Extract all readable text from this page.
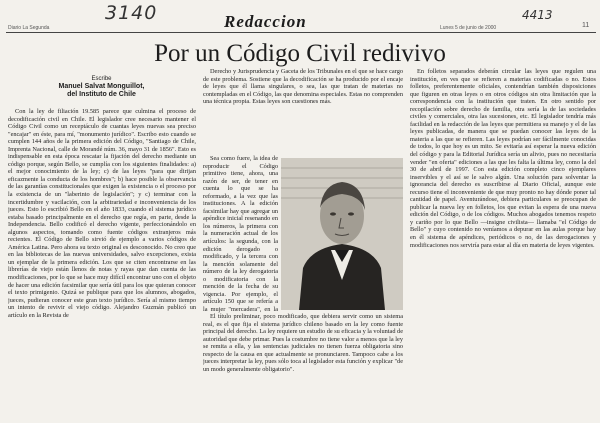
3140	4413
Diario La Segunda	Redaccion	Lunes 5 de junio de 2000	11
Por un Código Civil redivivo
Escribe
Manuel Salvat Monguillot,
del Instituto de Chile

Con la ley de filiación 19.585 parece que culmina el proceso de decodificación civil en Chile. El legislador cree necesario mantener el Código Civil como un receptáculo de cuantas leyes nuevas sea preciso "encajar" en éste, para mí, "monumento jurídico". Escribo esto cuando se cumplen 144 años de la primera edición del Código, "Santiago de Chile, Imprenta Nacional, calle de Morandé núm. 36, mayo 31 de 1856". Esto es indispensable en esta época rescatar la fijación del derecho mediante un código porque, según Bello, se cumplía con los siguientes finalidades: a) el mejor conocimiento de la ley; c) de las leyes "para que dirijan eficazmente la conducta de los hombres"; b) hace posible la observancia de las garantías constitucionales que exigen la existencia o el proceso por la existencia de un "laberinto de legislación"; y c) terminar con la incertidumbre y vacilación, con la arbitrariedad e inconveniencia de los jueces. Esto lo escribió Bello en el año 1833, cuando el sistema jurídico estaba basado principalmente en el derecho que regía, en parte, desde la Independencia. Bello codificó el derecho vigente, perfeccionándolo en algunos aspectos, tomando como fuente códigos extranjeros más recientes. El Código de Bello sirvió de ejemplo a varios códigos de América Latina. Pero ahora su texto original es desconocido. No creo que en las bibliotecas de las nuevas universidades, salvo excepciones, exista un ejemplar de la primera edición. Los que se citen encontrarse en las librerías de viejo están llenos de notas y rayas que dan cuenta de las modificaciones, por lo que se hace muy difícil encontrar uno con el objeto de hacer una edición facsimilar que sería útil para los que quieran conocer el texto primigenio. Quizá se publique para que los alumnos, abogados, jueces, pudieran conocer este gran texto jurídico. Sería al mismo tiempo un intento de revivir el viejo código. Alejandro Guzmán publicó un artículo en la Revista de

Derecho y Jurisprudencia y Gaceta de los Tribunales en el que se hace cargo de este problema. Sostiene que la decodificación se ha producido por el encaje de leyes que él llama singulares, o sea, las que tratan de materias no contempladas en el Código, las que denomina especiales. Estas no comprenden una técnica propia. Estas leyes son cuestiones más.

Sea como fuere, la idea de reproducir el Código primitivo tiene, ahora, una razón de ser, de tener en cuenta lo que se ha reformado, a la vez que las instituciones. A la edición facsimilar hay que agregar un apéndice inicial resenando en los números, la primera con la numeración actual de los artículos: la segunda, con la edición derogado o modificado, y la tercera con la mención solamente del número de la ley derogatoria o modificatoria con la mención de la fecha de su vigencia. Por ejemplo, el artículo 150 que se refería a la mujer "mercadera", en la

El título preliminar, poco modificado, que debiera servir como un sistema real, es el que fija el sistema jurídico chileno basado en la ley como fuente principal del derecho. La ley requiere un estudio de su eficacia y la voluntad de autoridad que debe primar. Pues la costumbre no tiene valor a menos que la ley se remita a ella, y las sentencias judiciales no tienen fuerza obligatoria sino respecto de la causa en que actualmente se pronunciaren. Tampoco cabe a los jueces interpretar la ley, pues sólo toca al legislador esta función y explicar "de un modo generalmente obligatorio".

En folletos separados deberán circular las leyes que regulen una institución, en ves que se refieren a materias codificadas o no. Estos folletos, preferentemente oficiales, contendrían también disposiciones que figuren en otras leyes o en otros códigos sin otra limitación que la correspondencia con la institución que traten. En otro sentido por recopilación sobre derecho de familia, otra sería la de las sociedades civiles y comerciales, otra las sucesiones, etc. El legislador tendría más facilidad en la redacción de las leyes que permitiera su manejo y el de las leyes publicadas, de manera que se puedan conocer las leyes de la materia a las que se refieren. Las leyes podrían ser fácilmente conocidas de todos, lo que hoy es un mito. Se evitaría así esperar la nueva edición del código y para la Editorial Jurídica sería un alivio, pues no necesitaría vender "en oferta" ediciones a las que les falta la última ley, como la del 30 de abril de 1997. Con esta edición completo cinco ejemplares inservibles y el así se le salvo algún. Una solución para solventar la ignorancia del derecho es suscribirse al Diario Oficial, aunque este recurso tiene el inconveniente de que muy pronto no hay dónde poner tal cantidad de papel. Aventurándose, debiera particulares se preocupan de publicar la nueva ley en folletos, los que evitan la espera de una nueva edición del Código, o de los códigos. Muchos abogados tenemos respeto y cariño por lo que Bello —insigne civilista— llamaba "el Código de Bello" y cuyo contenido no veníamos a depurar en las aulas porque hay en él sistema de apéndices, periódicos o no, de las derogaciones y modificaciones nos serviría para estar al día en materia de leyes vigentes.
